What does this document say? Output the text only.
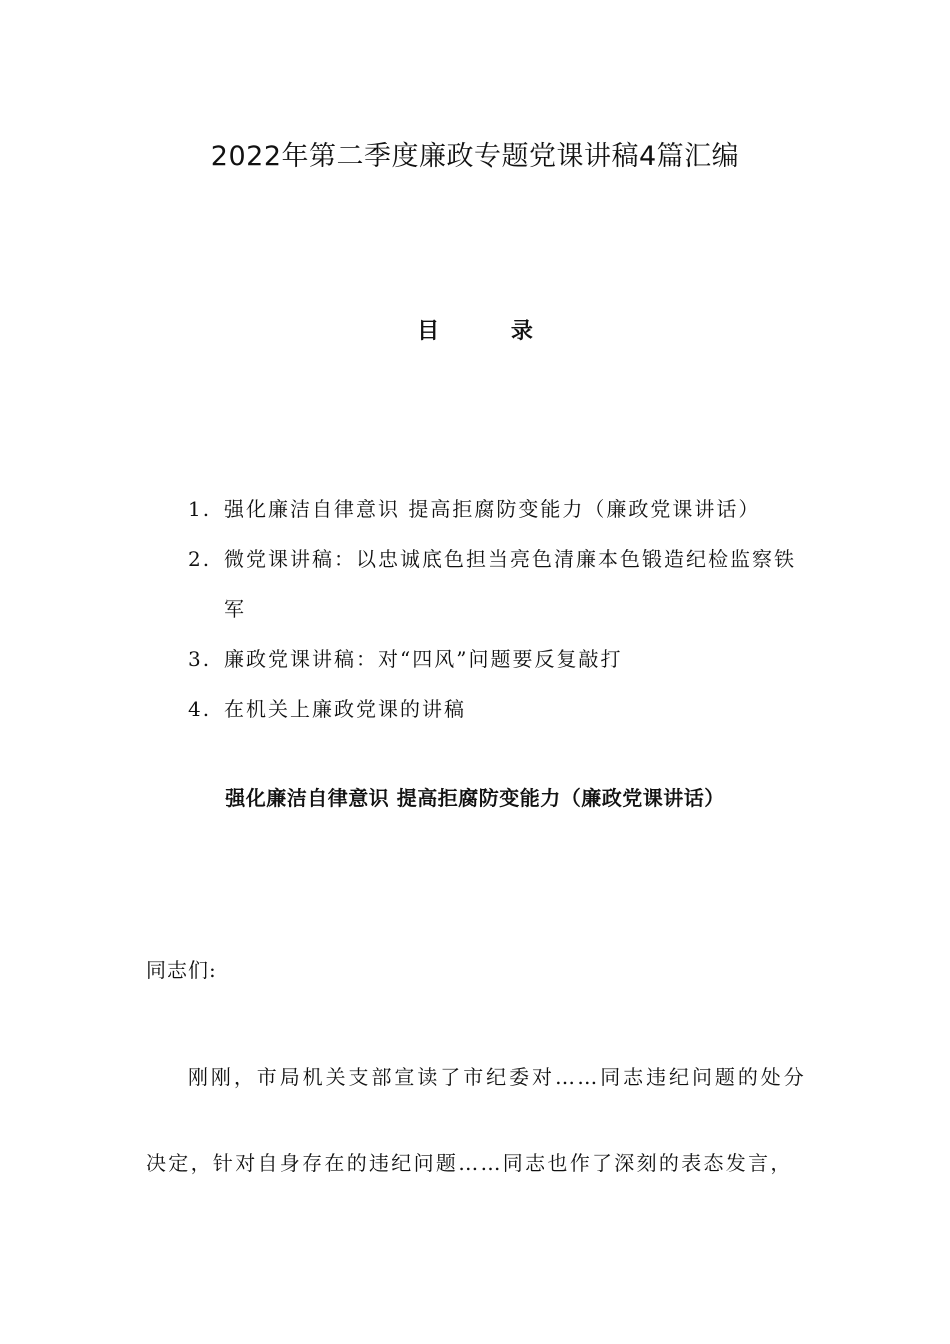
2022年第二季度廉政专题党课讲稿4篇汇编
目 录
1. 强化廉洁自律意识 提高拒腐防变能力（廉政党课讲话）
2. 微党课讲稿：以忠诚底色担当亮色清廉本色锻造纪检监察铁军
3. 廉政党课讲稿：对“四风”问题要反复敲打
4. 在机关上廉政党课的讲稿
强化廉洁自律意识 提高拒腐防变能力（廉政党课讲话）
同志们:

刚刚，市局机关支部宣读了市纪委对……同志违纪问题的处分决定，针对自身存在的违纪问题……同志也作了深刻的表态发言，
